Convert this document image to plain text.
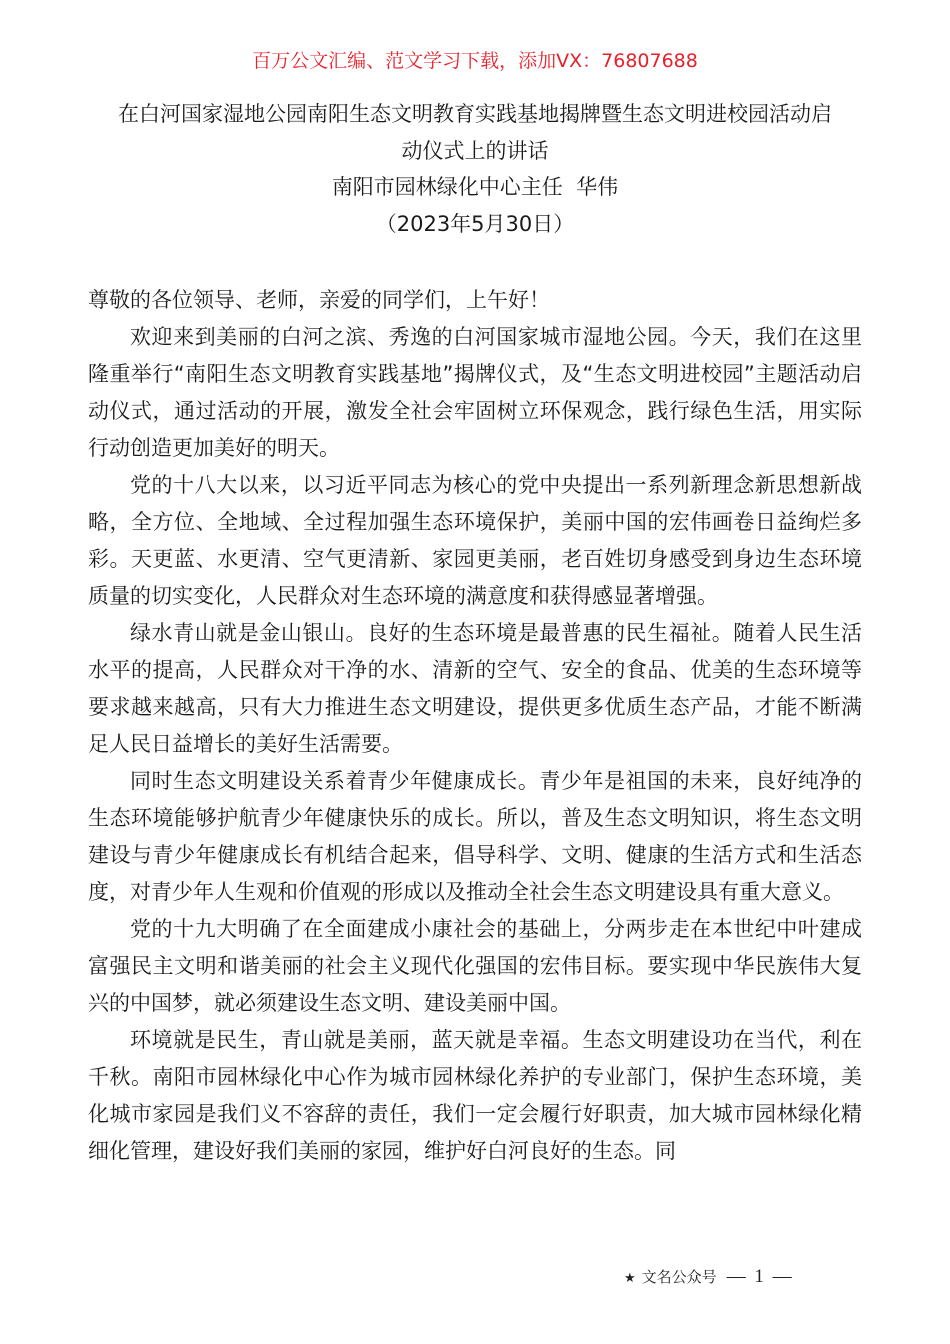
百万公文汇编、范文学习下载，添加VX：76807688
在白河国家湿地公园南阳生态文明教育实践基地揭牌暨生态文明进校园活动启
动仪式上的讲话
南阳市园林绿化中心主任  华伟
（2023年5月30日）

尊敬的各位领导、老师，亲爱的同学们，上午好！

欢迎来到美丽的白河之滨、秀逸的白河国家城市湿地公园。今天，我们在这里隆重举行“南阳生态文明教育实践基地”揭牌仪式，及“生态文明进校园”主题活动启动仪式，通过活动的开展，激发全社会牢固树立环保观念，践行绿色生活，用实际行动创造更加美好的明天。

党的十八大以来，以习近平同志为核心的党中央提出一系列新理念新思想新战略，全方位、全地域、全过程加强生态环境保护，美丽中国的宏伟画卷日益绚烂多彩。天更蓝、水更清、空气更清新、家园更美丽，老百姓切身感受到身边生态环境质量的切实变化，人民群众对生态环境的满意度和获得感显著增强。

绿水青山就是金山银山。良好的生态环境是最普惠的民生福祉。随着人民生活水平的提高，人民群众对干净的水、清新的空气、安全的食品、优美的生态环境等要求越来越高，只有大力推进生态文明建设，提供更多优质生态产品，才能不断满足人民日益增长的美好生活需要。

同时生态文明建设关系着青少年健康成长。青少年是祖国的未来，良好纯净的生态环境能够护航青少年健康快乐的成长。所以，普及生态文明知识，将生态文明建设与青少年健康成长有机结合起来，倡导科学、文明、健康的生活方式和生活态度，对青少年人生观和价值观的形成以及推动全社会生态文明建设具有重大意义。

党的十九大明确了在全面建成小康社会的基础上，分两步走在本世纪中叶建成富强民主文明和谐美丽的社会主义现代化强国的宏伟目标。要实现中华民族伟大复兴的中国梦，就必须建设生态文明、建设美丽中国。

环境就是民生，青山就是美丽，蓝天就是幸福。生态文明建设功在当代，利在千秋。南阳市园林绿化中心作为城市园林绿化养护的专业部门，保护生态环境，美化城市家园是我们义不容辞的责任，我们一定会履行好职责，加大城市园林绿化精细化管理，建设好我们美丽的家园，维护好白河良好的生态。同

★ 文名公众号 — 1 —
